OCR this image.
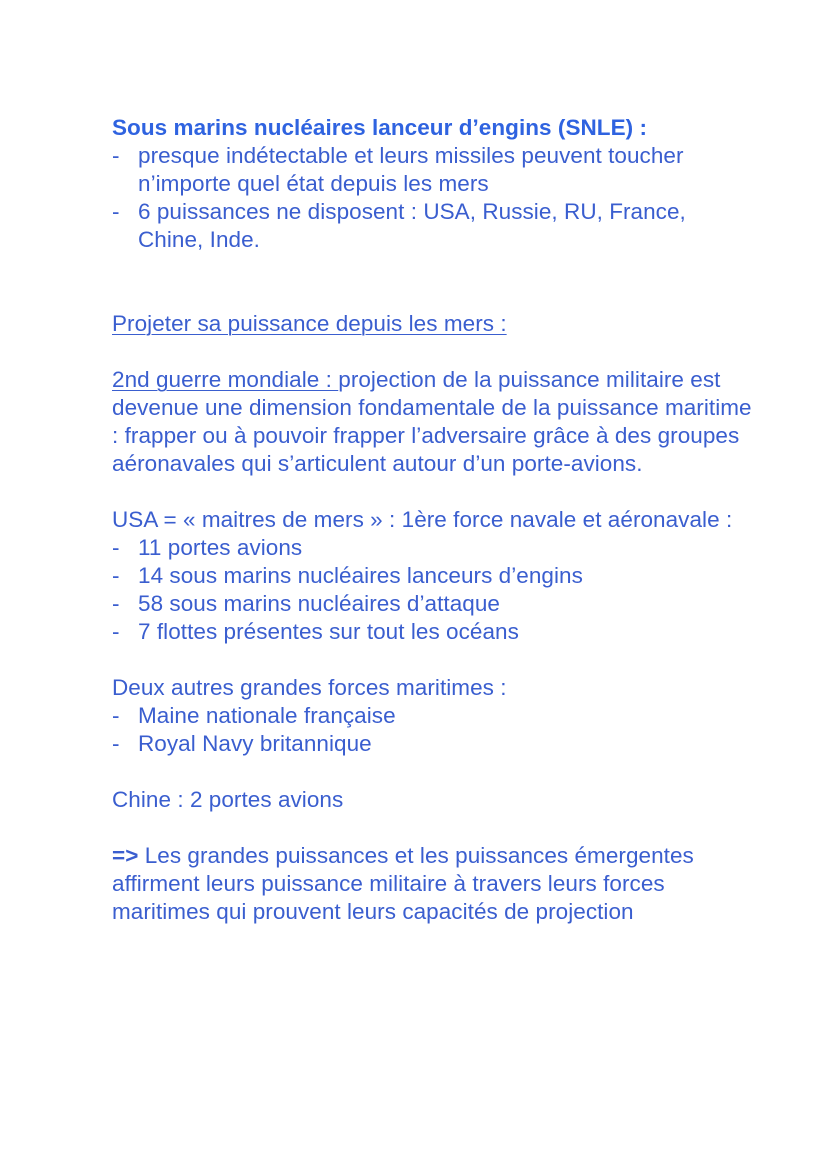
Sous marins nucléaires lanceur d’engins (SNLE) :

- presque indétectable et leurs missiles peuvent toucher n’importe quel état depuis les mers
- 6 puissances ne disposent : USA, Russie, RU, France, Chine, Inde.

Projeter sa puissance depuis les mers :

2nd guerre mondiale : projection de la puissance militaire est devenue une dimension fondamentale de la puissance maritime : frapper ou à pouvoir frapper l’adversaire grâce à des groupes aéronavales qui s’articulent autour d’un porte-avions.

USA = « maitres de mers » : 1ère force navale et aéronavale :

- 11 portes avions
- 14 sous marins nucléaires lanceurs d’engins
- 58 sous marins nucléaires d’attaque
- 7 flottes présentes sur tout les océans

Deux autres grandes forces maritimes :

- Maine nationale française
- Royal Navy britannique

Chine : 2 portes avions

=> Les grandes puissances et les puissances émergentes affirment leurs puissance militaire à travers leurs forces maritimes qui prouvent leurs capacités de projection
